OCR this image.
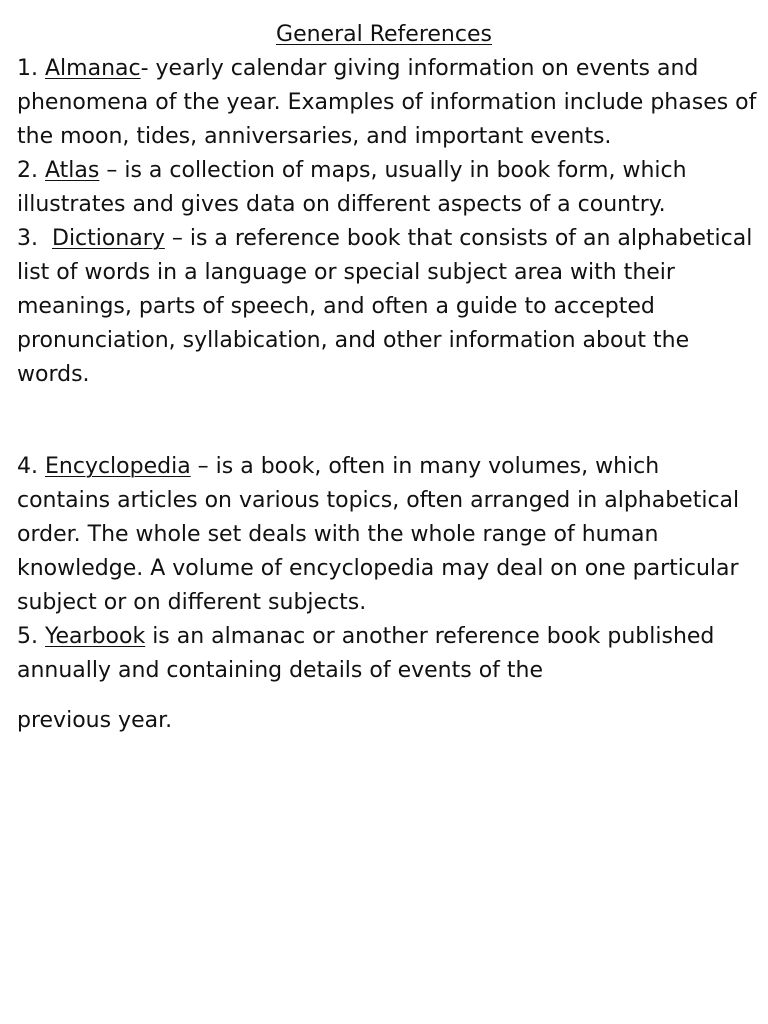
General References

1. Almanac- yearly calendar giving information on events and phenomena of the year. Examples of information include phases of the moon, tides, anniversaries, and important events.

2. Atlas – is a collection of maps, usually in book form, which illustrates and gives data on different aspects of a country.

3. Dictionary – is a reference book that consists of an alphabetical list of words in a language or special subject area with their meanings, parts of speech, and often a guide to accepted pronunciation, syllabication, and other information about the words.

4. Encyclopedia – is a book, often in many volumes, which contains articles on various topics, often arranged in alphabetical order. The whole set deals with the whole range of human knowledge. A volume of encyclopedia may deal on one particular subject or on different subjects.

5. Yearbook is an almanac or another reference book published annually and containing details of events of the
previous year.
